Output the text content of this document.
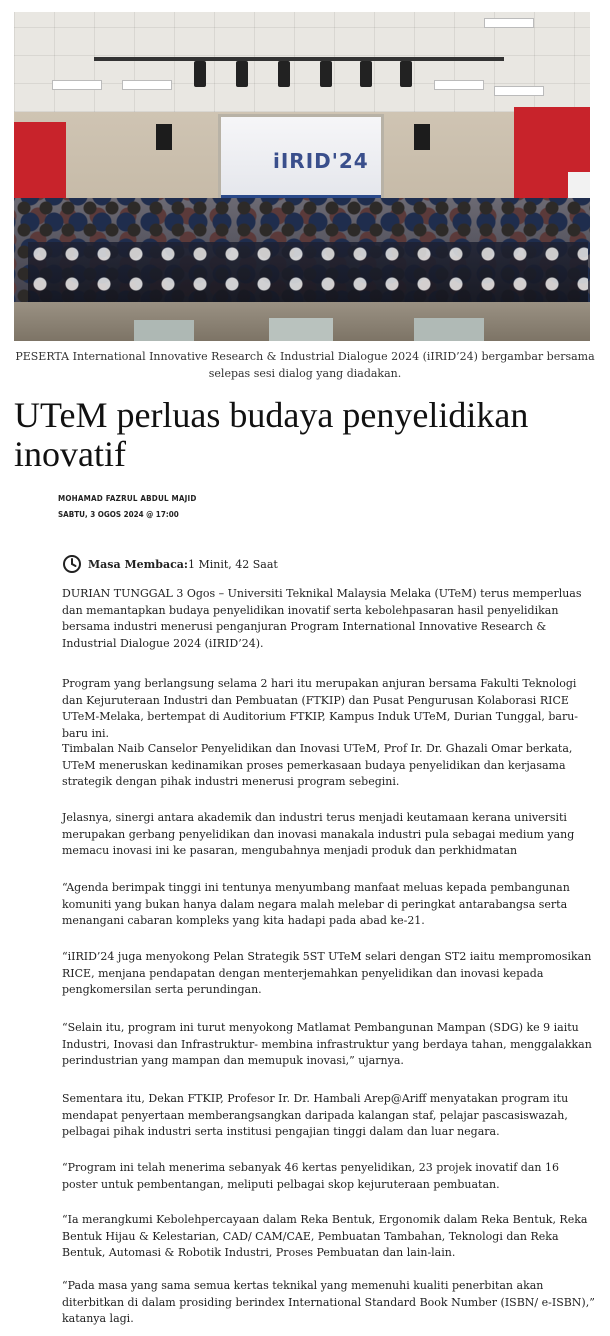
iIRID'24

PESERTA International Innovative Research & Industrial Dialogue 2024 (iIRID’24) bergambar bersama selepas sesi dialog yang diadakan.

UTeM perluas budaya penyelidikan inovatif
MOHAMAD FAZRUL ABDUL MAJID
SABTU, 3 OGOS 2024 @ 17:00
Masa Membaca: 1 Minit, 42 Saat

DURIAN TUNGGAL 3 Ogos – Universiti Teknikal Malaysia Melaka (UTeM) terus memperluas dan memantapkan budaya penyelidikan inovatif serta kebolehpasaran hasil penyelidikan bersama industri menerusi penganjuran Program International Innovative Research & Industrial Dialogue 2024 (iIRID’24).

Program yang berlangsung selama 2 hari itu merupakan anjuran bersama Fakulti Teknologi dan Kejuruteraan Industri dan Pembuatan (FTKIP) dan Pusat Pengurusan Kolaborasi RICE UTeM-Melaka, bertempat di Auditorium FTKIP, Kampus Induk UTeM, Durian Tunggal, baru-baru ini.

Timbalan Naib Canselor Penyelidikan dan Inovasi UTeM, Prof Ir. Dr. Ghazali Omar berkata, UTeM meneruskan kedinamikan proses pemerkasaan budaya penyelidikan dan kerjasama strategik dengan pihak industri menerusi program sebegini.

Jelasnya, sinergi antara akademik dan industri terus menjadi keutamaan kerana universiti merupakan gerbang penyelidikan dan inovasi manakala industri pula sebagai medium yang memacu inovasi ini ke pasaran, mengubahnya menjadi produk dan perkhidmatan

“Agenda berimpak tinggi ini tentunya menyumbang manfaat meluas kepada pembangunan komuniti yang bukan hanya dalam negara malah melebar di peringkat antarabangsa serta menangani cabaran kompleks yang kita hadapi pada abad ke-21.

“iIRID’24 juga menyokong Pelan Strategik 5ST UTeM selari dengan ST2 iaitu mempromosikan RICE, menjana pendapatan dengan menterjemahkan penyelidikan dan inovasi kepada pengkomersilan serta perundingan.

“Selain itu, program ini turut menyokong Matlamat Pembangunan Mampan (SDG) ke 9 iaitu Industri, Inovasi dan Infrastruktur- membina infrastruktur yang berdaya tahan, menggalakkan perindustrian yang mampan dan memupuk inovasi,” ujarnya.

Sementara itu, Dekan FTKIP, Profesor Ir. Dr. Hambali Arep@Ariff menyatakan program itu mendapat penyertaan memberangsangkan daripada kalangan staf, pelajar pascasiswazah, pelbagai pihak industri serta institusi pengajian tinggi dalam dan luar negara.

“Program ini telah menerima sebanyak 46 kertas penyelidikan, 23 projek inovatif dan 16 poster untuk pembentangan, meliputi pelbagai skop kejuruteraan pembuatan.

“Ia merangkumi Kebolehpercayaan dalam Reka Bentuk, Ergonomik dalam Reka Bentuk, Reka Bentuk Hijau & Kelestarian, CAD/ CAM/CAE, Pembuatan Tambahan, Teknologi dan Reka Bentuk, Automasi & Robotik Industri, Proses Pembuatan dan lain-lain.

“Pada masa yang sama semua kertas teknikal yang memenuhi kualiti penerbitan akan diterbitkan di dalam prosiding berindex International Standard Book Number (ISBN/ e-ISBN),” katanya lagi.
